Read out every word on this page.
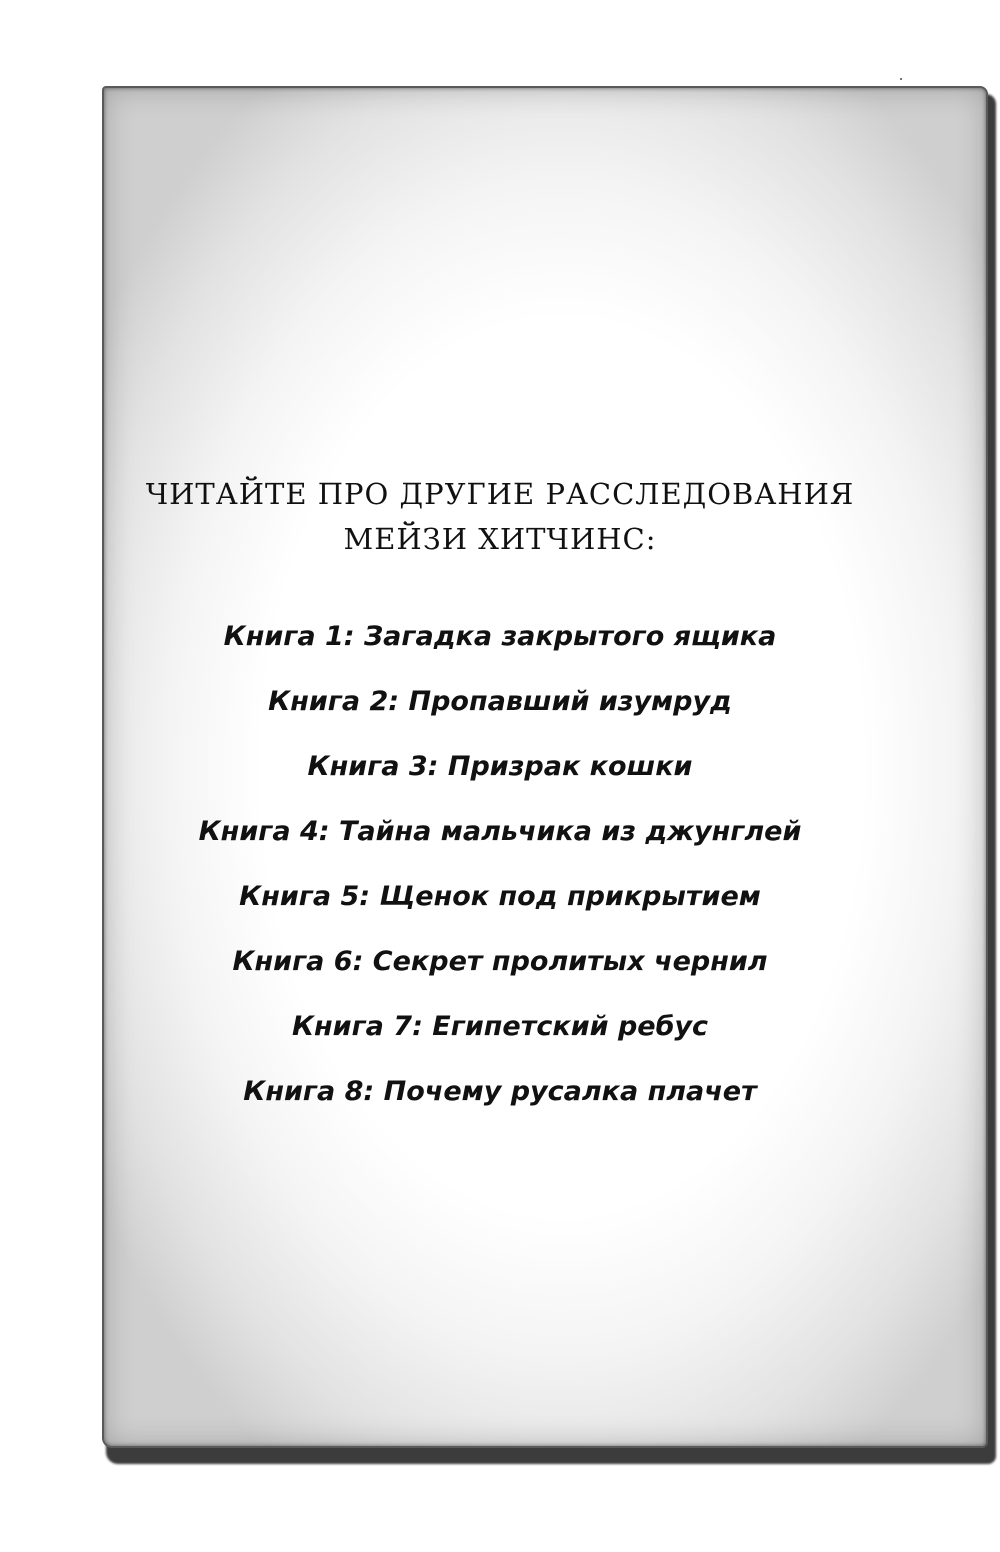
ЧИТАЙТЕ ПРО ДРУГИЕ РАССЛЕДОВАНИЯ
МЕЙЗИ ХИТЧИНС:
Книга 1: Загадка закрытого ящика
Книга 2: Пропавший изумруд
Книга 3: Призрак кошки
Книга 4: Тайна мальчика из джунглей
Книга 5: Щенок под прикрытием
Книга 6: Секрет пролитых чернил
Книга 7: Египетский ребус
Книга 8: Почему русалка плачет
